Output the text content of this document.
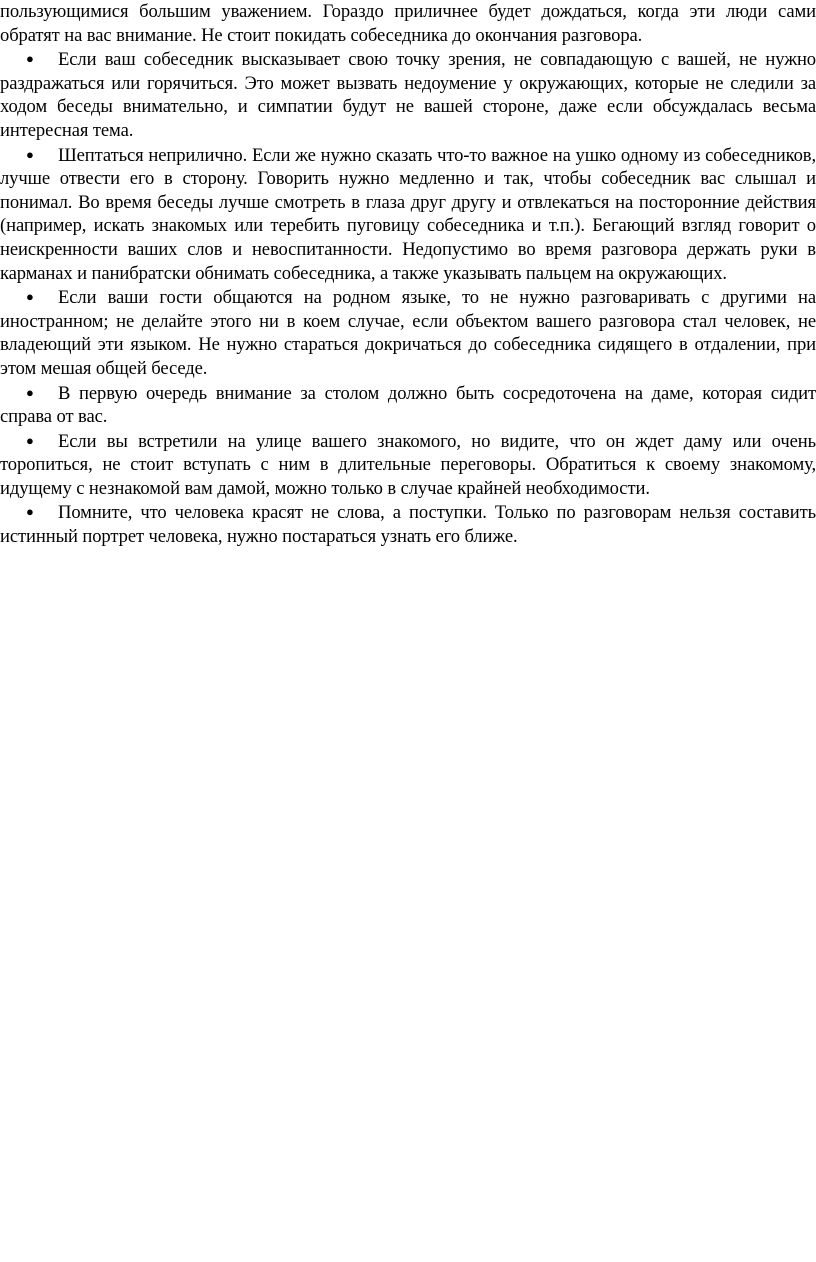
пользующимися большим уважением. Гораздо приличнее будет дождаться, когда эти люди сами обратят на вас внимание. Не стоит покидать собеседника до окончания разговора.

● Если ваш собеседник высказывает свою точку зрения, не совпадающую с вашей, не нужно раздражаться или горячиться. Это может вызвать недоумение у окружающих, которые не следили за ходом беседы внимательно, и симпатии будут не вашей стороне, даже если обсуждалась весьма интересная тема.

● Шептаться неприлично. Если же нужно сказать что-то важное на ушко одному из собеседников, лучше отвести его в сторону. Говорить нужно медленно и так, чтобы собеседник вас слышал и понимал. Во время беседы лучше смотреть в глаза друг другу и отвлекаться на посторонние действия (например, искать знакомых или теребить пуговицу собеседника и т.п.). Бегающий взгляд говорит о неискренности ваших слов и невоспитанности. Недопустимо во время разговора держать руки в карманах и панибратски обнимать собеседника, а также указывать пальцем на окружающих.

● Если ваши гости общаются на родном языке, то не нужно разговаривать с другими на иностранном; не делайте этого ни в коем случае, если объектом вашего разговора стал человек, не владеющий эти языком. Не нужно стараться докричаться до собеседника сидящего в отдалении, при этом мешая общей беседе.

● В первую очередь внимание за столом должно быть сосредоточена на даме, которая сидит справа от вас.

● Если вы встретили на улице вашего знакомого, но видите, что он ждет даму или очень торопиться, не стоит вступать с ним в длительные переговоры. Обратиться к своему знакомому, идущему с незнакомой вам дамой, можно только в случае крайней необходимости.

● Помните, что человека красят не слова, а поступки. Только по разговорам нельзя составить истинный портрет человека, нужно постараться узнать его ближе.
